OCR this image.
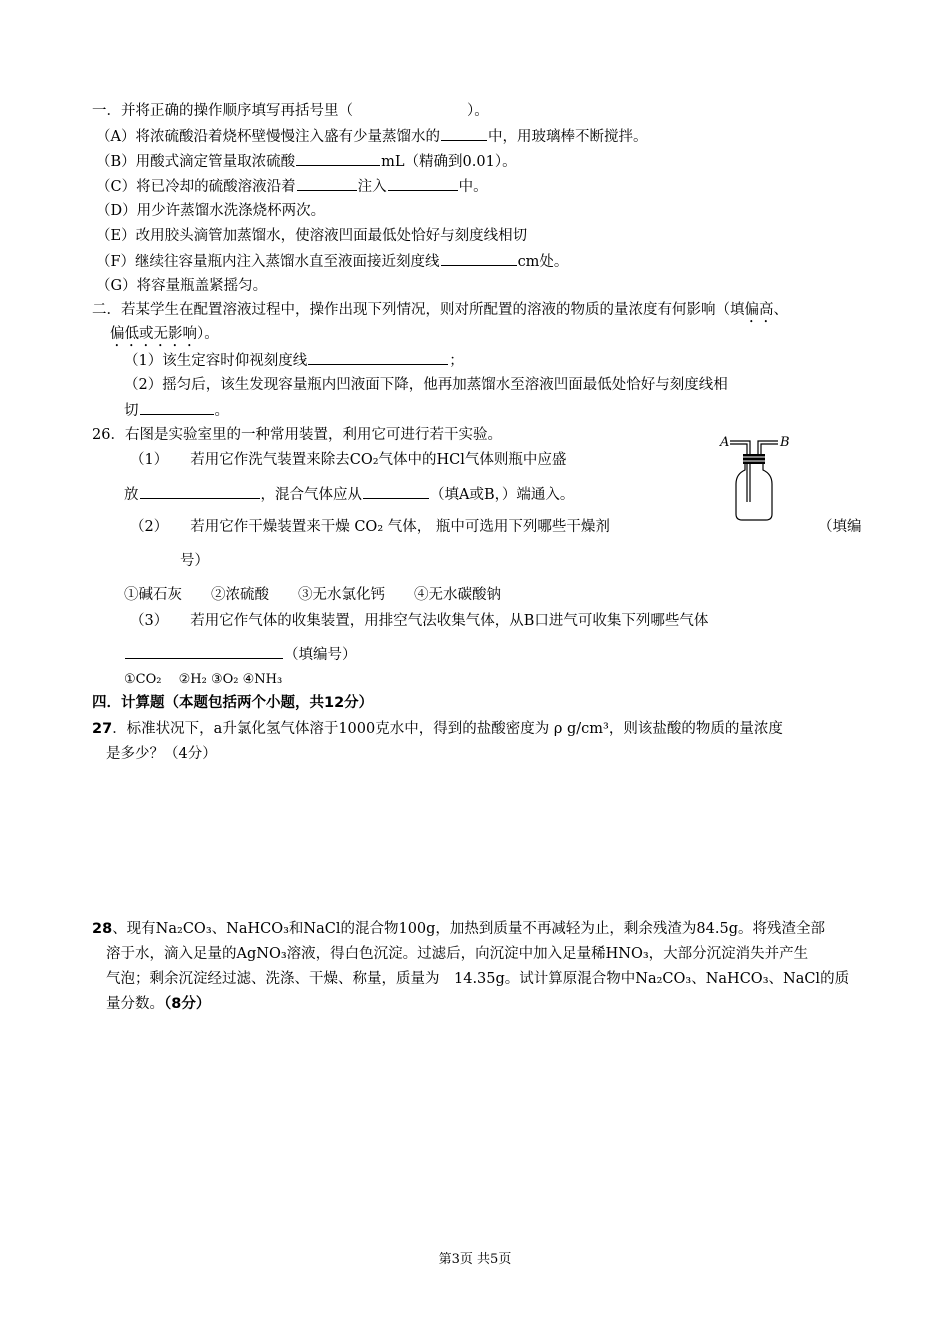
一．并将正确的操作顺序填写再括号里（	）。
（A）将浓硫酸沿着烧杯壁慢慢注入盛有少量蒸馏水的	中，用玻璃棒不断搅拌。
（B）用酸式滴定管量取浓硫酸	mL（精确到0.01）。
（C）将已冷却的硫酸溶液沿着	注入	中。
（D）用少许蒸馏水洗涤烧杯两次。
（E）改用胶头滴管加蒸馏水，使溶液凹面最低处恰好与刻度线相切
（F）继续往容量瓶内注入蒸馏水直至液面接近刻度线	cm处。
（G）将容量瓶盖紧摇匀。
二．若某学生在配置溶液过程中，操作出现下列情况，则对所配置的溶液的物质的量浓度有何影响（填偏高、
偏低或无影响）。
（1）该生定容时仰视刻度线	；
（2）摇匀后，该生发现容量瓶内凹液面下降，他再加蒸馏水至溶液凹面最低处恰好与刻度线相
切	。
26．右图是实验室里的一种常用装置，利用它可进行若干实验。
（1） 若用它作洗气装置来除去CO₂气体中的HCl气体则瓶中应盛
放	，混合气体应从	（填A或B，）端通入。
（2） 若用它作干燥装置来干燥 CO₂ 气体， 瓶中可选用下列哪些干燥剂	（填编
号）
①碱石灰　　②浓硫酸　　③无水氯化钙　　④无水碳酸钠
（3） 若用它作气体的收集装置，用排空气法收集气体，从B口进气可收集下列哪些气体
（填编号）
①CO₂　 ②H₂ ③O₂ ④NH₃
A	B
四．计算题（本题包括两个小题，共12分）
27．标准状况下，a升氯化氢气体溶于1000克水中，得到的盐酸密度为 ρ g/cm³，则该盐酸的物质的量浓度
是多少？（4分）
28、现有Na₂CO₃、NaHCO₃和NaCl的混合物100g，加热到质量不再减轻为止，剩余残渣为84.5g。将残渣全部
溶于水，滴入足量的AgNO₃溶液，得白色沉淀。过滤后，向沉淀中加入足量稀HNO₃，大部分沉淀消失并产生
气泡；剩余沉淀经过滤、洗涤、干燥、称量，质量为　14.35g。试计算原混合物中Na₂CO₃、NaHCO₃、NaCl的质
量分数。（8分）
第3页 共5页
